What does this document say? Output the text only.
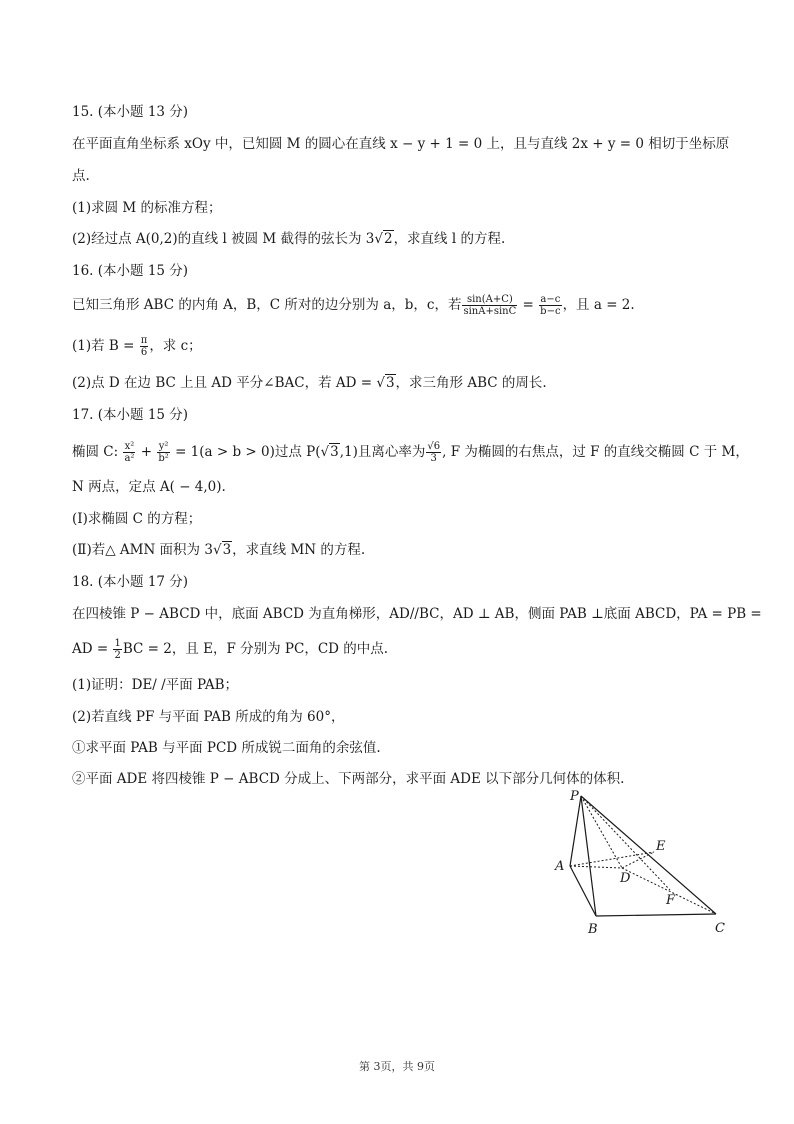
15. (本小题 13 分)
在平面直角坐标系 xOy 中，已知圆 M 的圆心在直线 x − y + 1 = 0 上，且与直线 2x + y = 0 相切于坐标原
点.
(1)求圆 M 的标准方程；
(2)经过点 A(0,2)的直线 l 被圆 M 截得的弦长为 3√2，求直线 l 的方程.
16. (本小题 15 分)
已知三角形 ABC 的内角 A，B，C 所对的边分别为 a，b，c，若 $\frac{\sin(A+C)}{\sin A+\sin C} = \frac{a-c}{b-c}$ ，且 a = 2.
(1)若 $B = \frac{\pi}{6}$ ，求 c；
(2)点 D 在边 BC 上且 AD 平分∠BAC，若 AD = √3，求三角形 ABC 的周长.
17. (本小题 15 分)
椭圆 C: $\frac{\text{x²}}{\text{a²}} + \frac{\text{y²}}{\text{b²}} = 1(a > b > 0)$过点 P(√3,1)且离心率为 $\frac{√6}{3}$ , F 为椭圆的右焦点，过 F 的直线交椭圆 C 于 M，
N 两点，定点 A( − 4,0).
(Ⅰ)求椭圆 C 的方程；
(Ⅱ)若△ AMN 面积为 3√3，求直线 MN 的方程.
18. (本小题 17 分)
在四棱锥 P − ABCD 中，底面 ABCD 为直角梯形，AD//BC，AD ⊥ AB，侧面 PAB ⊥底面 ABCD，PA = PB =
AD = $\frac{1}{2}$ BC = 2，且 E，F 分别为 PC，CD 的中点.
(1)证明：DE/ /平面 PAB；
(2)若直线 PF 与平面 PAB 所成的角为 60°，
①求平面 PAB 与平面 PCD 所成锐二面角的余弦值.
②平面 ADE 将四棱锥 P − ABCD 分成上、下两部分，求平面 ADE 以下部分几何体的体积.
P
A
B	C
D
E
F
第 3页，共 9页
